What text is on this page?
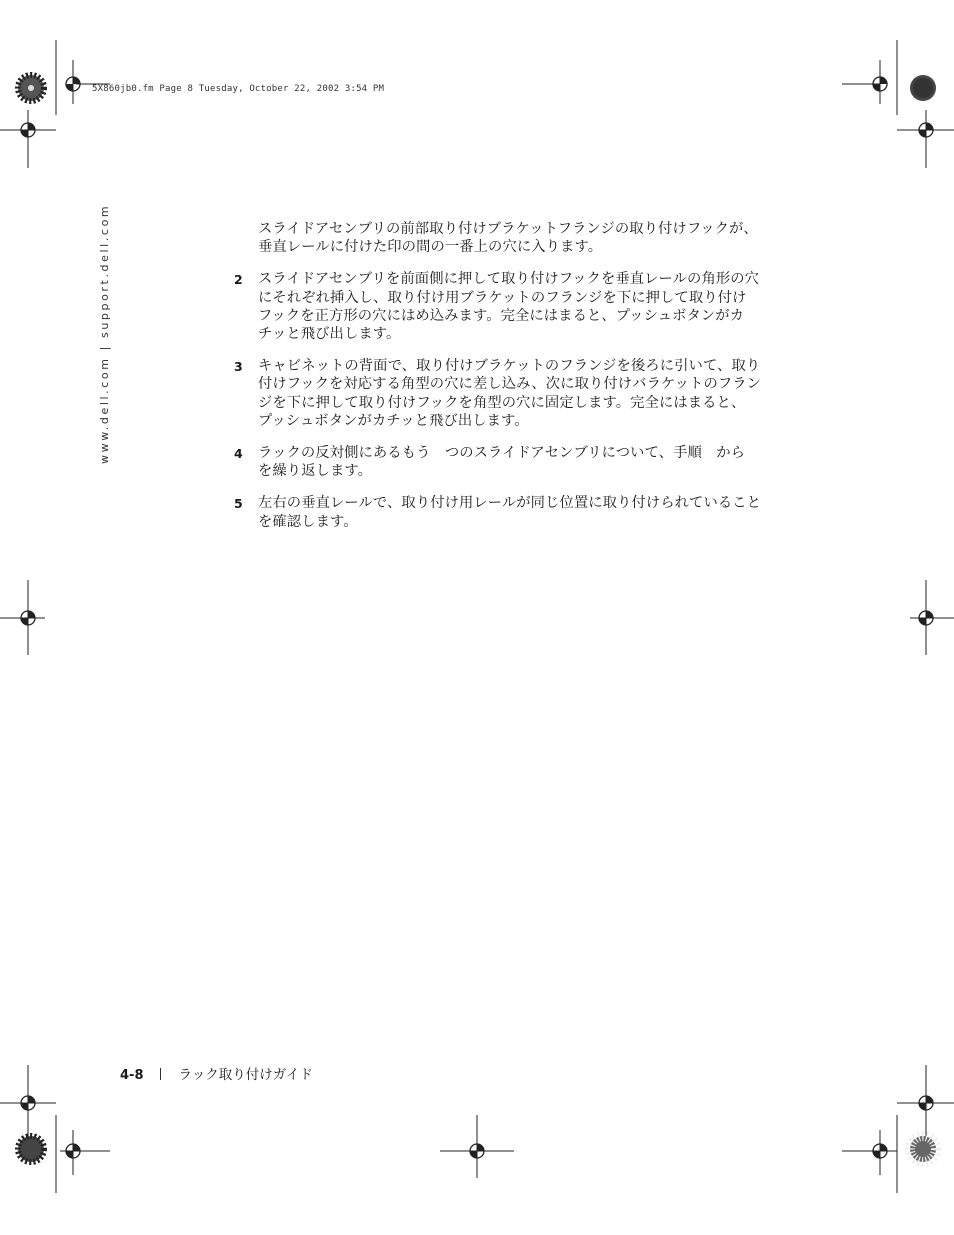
5X860jb0.fm Page 8 Tuesday, October 22, 2002 3:54 PM
www.dell.com | support.dell.com	スライドアセンブリの前部取り付けブラケットフランジの取り付けフックが、
垂直レールに付けた印の間の一番上の穴に入ります。
2 スライドアセンブリを前面側に押して取り付けフックを垂直レールの角形の穴
にそれぞれ挿入し、取り付け用ブラケットのフランジを下に押して取り付け
フックを正方形の穴にはめ込みます。完全にはまると、プッシュボタンがカ
チッと飛び出します。
3 キャビネットの背面で、取り付けブラケットのフランジを後ろに引いて、取り
付けフックを対応する角型の穴に差し込み、次に取り付けバラケットのフラン
ジを下に押して取り付けフックを角型の穴に固定します。完全にはまると、
プッシュボタンがカチッと飛び出します。
4 ラックの反対側にあるもう　つのスライドアセンブリについて、手順　から
を繰り返します。
5 左右の垂直レールで、取り付け用レールが同じ位置に取り付けられていること
を確認します。
4-8	ラック取り付けガイド
